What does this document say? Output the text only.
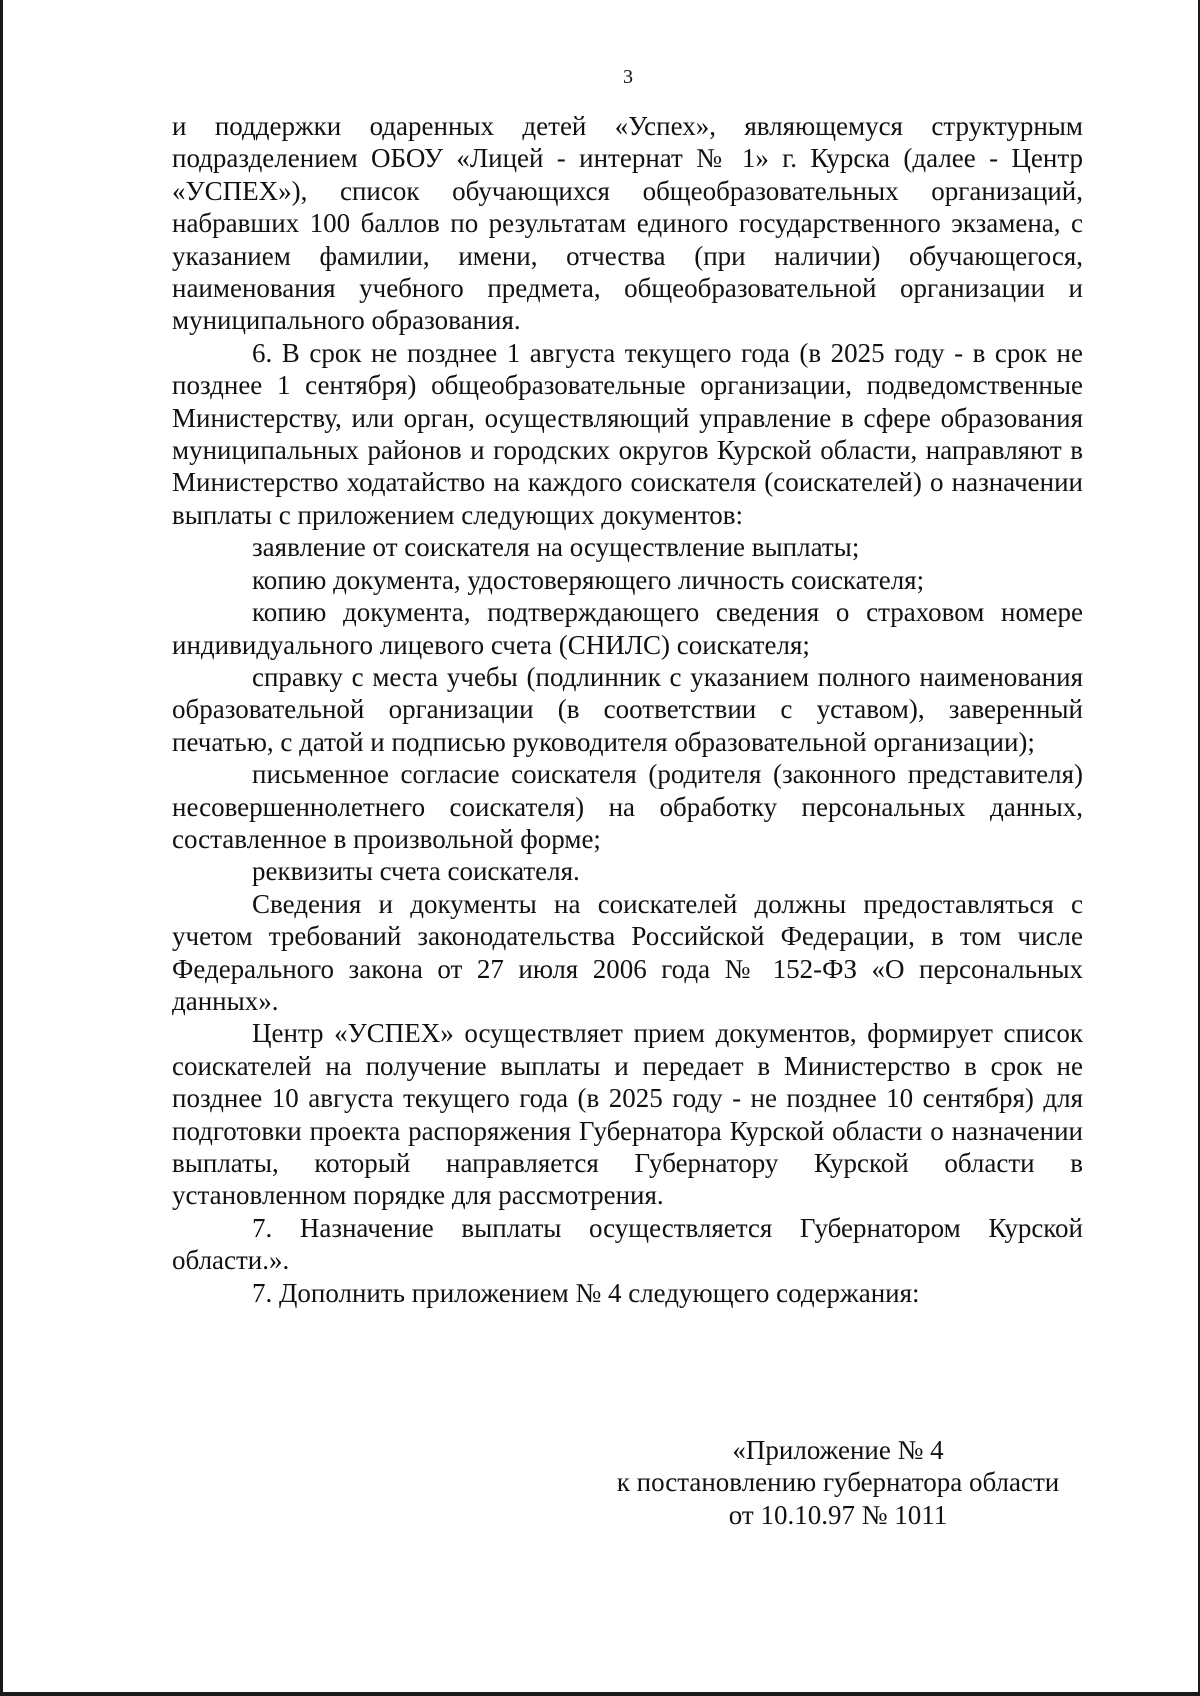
3

и поддержки одаренных детей «Успех», являющемуся структурным подразделением ОБОУ «Лицей - интернат № 1» г. Курска (далее - Центр «УСПЕХ»), список обучающихся общеобразовательных организаций, набравших 100 баллов по результатам единого государственного экзамена, с указанием фамилии, имени, отчества (при наличии) обучающегося, наименования учебного предмета, общеобразовательной организации и муниципального образования.

6. В срок не позднее 1 августа текущего года (в 2025 году - в срок не позднее 1 сентября) общеобразовательные организации, подведомственные Министерству, или орган, осуществляющий управление в сфере образования муниципальных районов и городских округов Курской области, направляют в Министерство ходатайство на каждого соискателя (соискателей) о назначении выплаты с приложением следующих документов:

заявление от соискателя на осуществление выплаты;

копию документа, удостоверяющего личность соискателя;

копию документа, подтверждающего сведения о страховом номере индивидуального лицевого счета (СНИЛС) соискателя;

справку с места учебы (подлинник с указанием полного наименования образовательной организации (в соответствии с уставом), заверенный печатью, с датой и подписью руководителя образовательной организации);

письменное согласие соискателя (родителя (законного представителя) несовершеннолетнего соискателя) на обработку персональных данных, составленное в произвольной форме;

реквизиты счета соискателя.

Сведения и документы на соискателей должны предоставляться с учетом требований законодательства Российской Федерации, в том числе Федерального закона от 27 июля 2006 года № 152-ФЗ «О персональных данных».

Центр «УСПЕХ» осуществляет прием документов, формирует список соискателей на получение выплаты и передает в Министерство в срок не позднее 10 августа текущего года (в 2025 году - не позднее 10 сентября) для подготовки проекта распоряжения Губернатора Курской области о назначении выплаты, который направляется Губернатору Курской области в установленном порядке для рассмотрения.

7. Назначение выплаты осуществляется Губернатором Курской области.».

7. Дополнить приложением № 4 следующего содержания:

«Приложение № 4
к постановлению губернатора области
от 10.10.97 № 1011
